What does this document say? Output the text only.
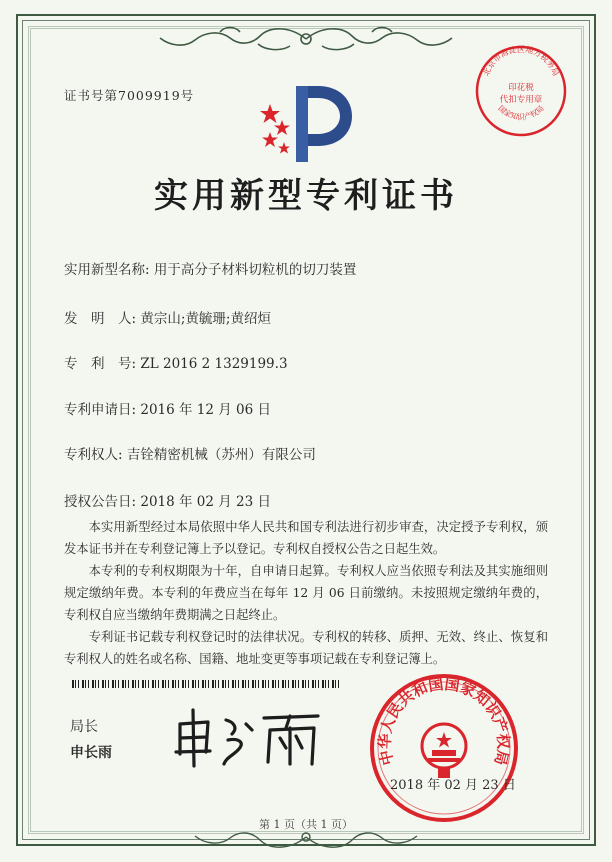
证书号第7009919号
实用新型专利证书
实用新型名称: 用于高分子材料切粒机的切刀装置
发　明　人: 黄宗山;黄毓珊;黄绍烜
专　利　号: ZL 2016 2 1329199.3
专利申请日: 2016 年 12 月 06 日
专利权人: 吉铨精密机械（苏州）有限公司
授权公告日: 2018 年 02 月 23 日
本实用新型经过本局依照中华人民共和国专利法进行初步审查，决定授予专利权，颁发本证书并在专利登记簿上予以登记。专利权自授权公告之日起生效。
本专利的专利权期限为十年，自申请日起算。专利权人应当依照专利法及其实施细则规定缴纳年费。本专利的年费应当在每年 12 月 06 日前缴纳。未按照规定缴纳年费的，专利权自应当缴纳年费期满之日起终止。
专利证书记载专利权登记时的法律状况。专利权的转移、质押、无效、终止、恢复和专利权人的姓名或名称、国籍、地址变更等事项记载在专利登记簿上。
局长
申长雨	中华人民共和国国家知识产权局
2018 年 02 月 23 日
北京市海淀区地方税务局
印花税
代扣专用章
国家知识产权局
第 1 页（共 1 页）
